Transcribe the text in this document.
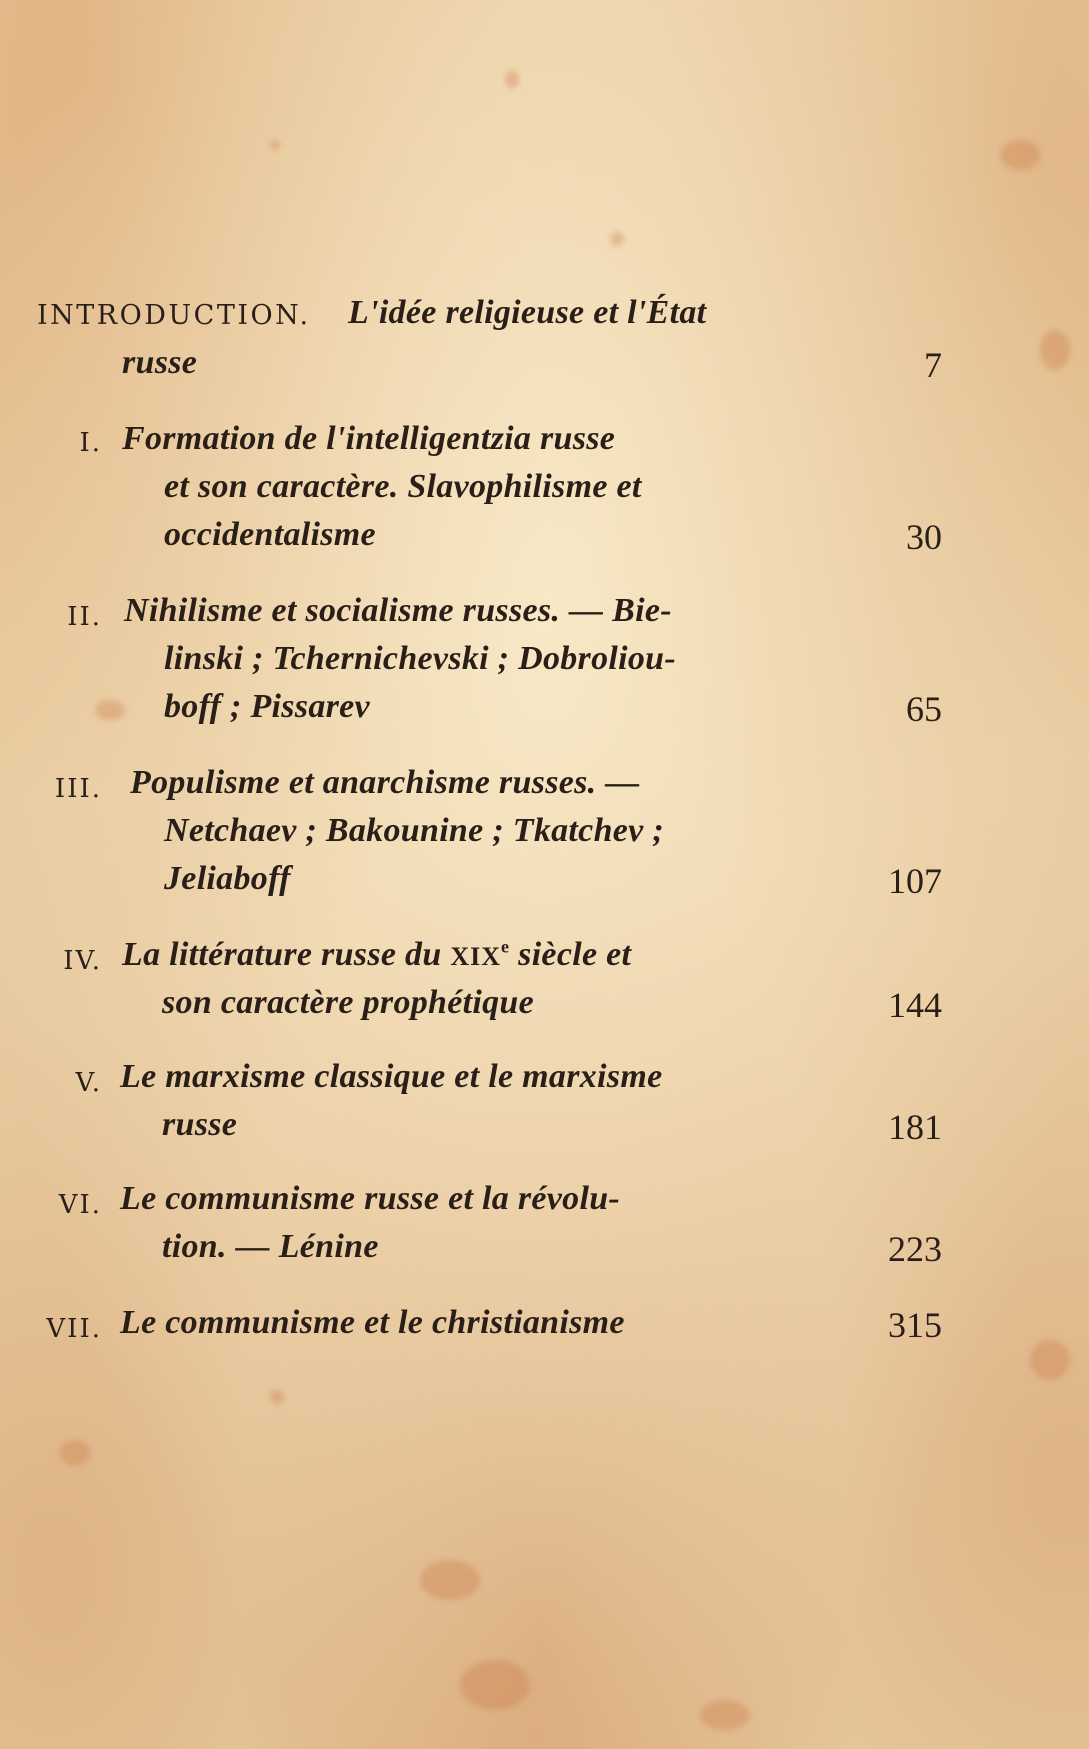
INTRODUCTION. L'idée religieuse et l'État
russe	7
I. Formation de l'intelligentzia russe
et son caractère. Slavophilisme et
occidentalisme	30
II. Nihilisme et socialisme russes. — Bie-
linski ; Tchernichevski ; Dobroliou-
boff ; Pissarev	65
III. Populisme et anarchisme russes. —
Netchaev ; Bakounine ; Tkatchev ;
Jeliaboff	107
IV. La littérature russe du XIXe siècle et
son caractère prophétique	144
V. Le marxisme classique et le marxisme
russe	181
VI. Le communisme russe et la révolu-
tion. — Lénine	223
VII. Le communisme et le christianisme	315
